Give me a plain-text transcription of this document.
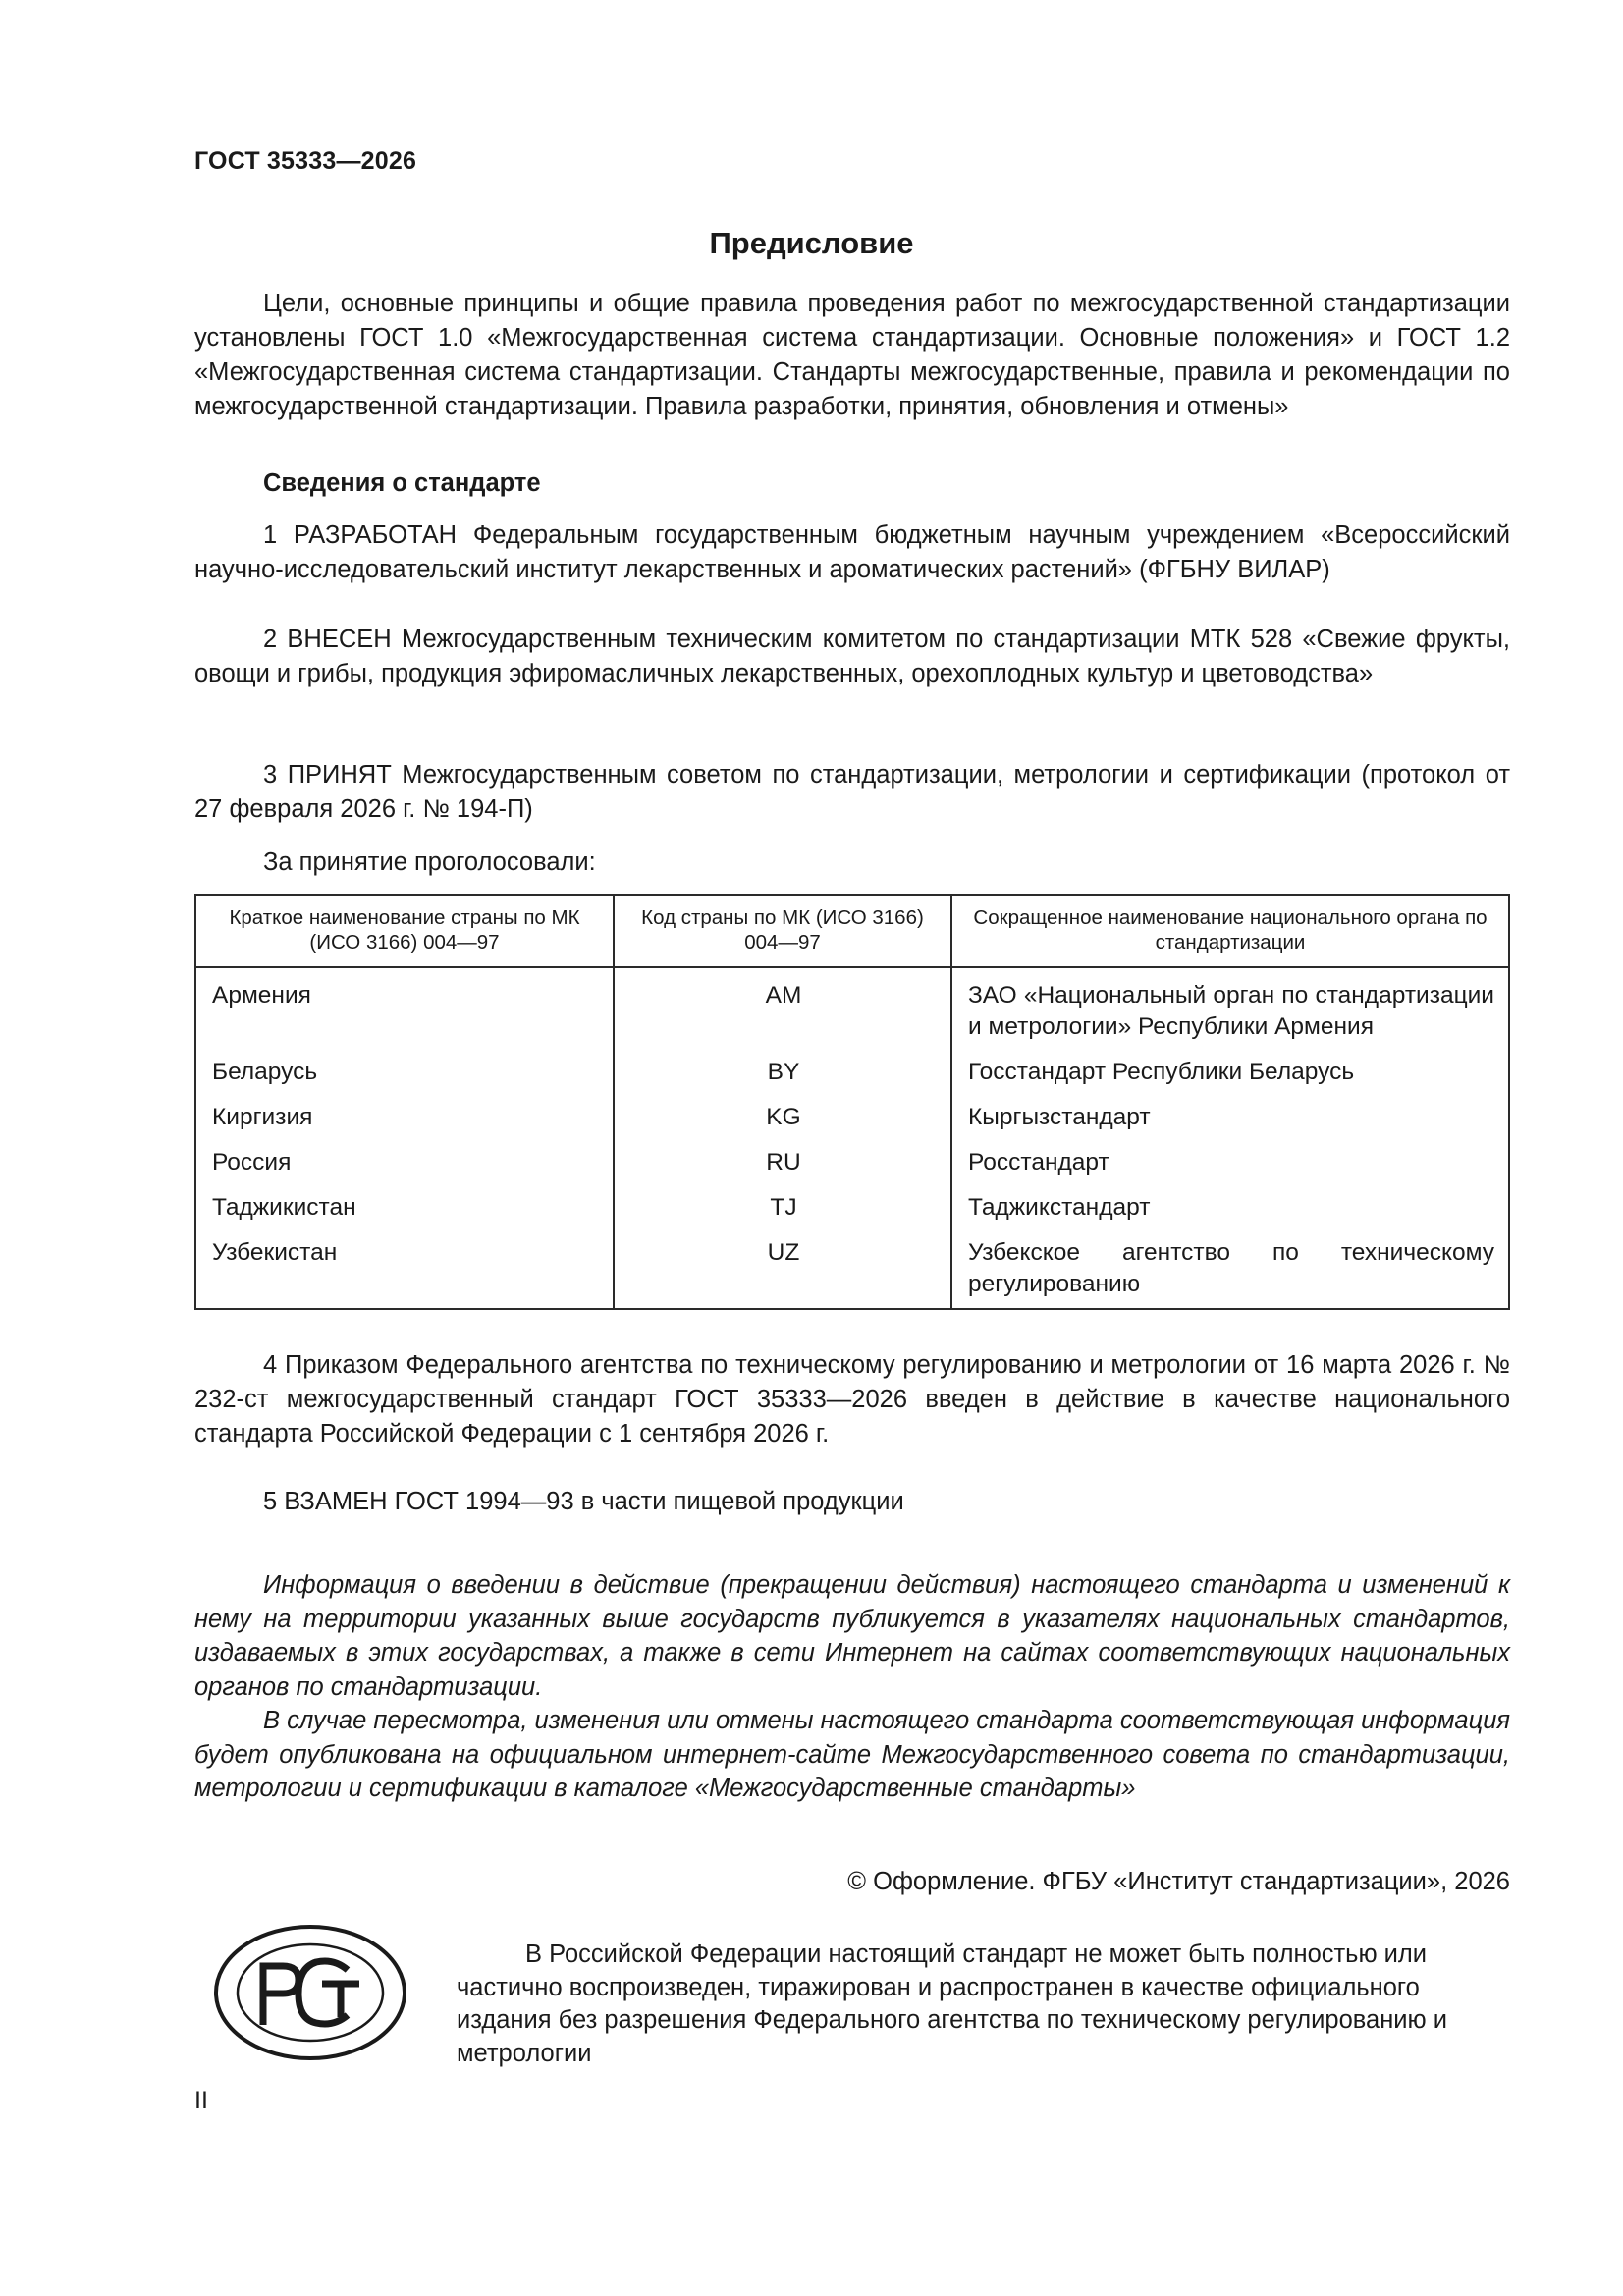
ГОСТ 35333—2026
Предисловие

Цели, основные принципы и общие правила проведения работ по межгосударственной стандартизации установлены ГОСТ 1.0 «Межгосударственная система стандартизации. Основные положения» и ГОСТ 1.2 «Межгосударственная система стандартизации. Стандарты межгосударственные, правила и рекомендации по межгосударственной стандартизации. Правила разработки, принятия, обновления и отмены»

Сведения о стандарте

1 РАЗРАБОТАН Федеральным государственным бюджетным научным учреждением «Всероссийский научно-исследовательский институт лекарственных и ароматических растений» (ФГБНУ ВИЛАР)

2 ВНЕСЕН Межгосударственным техническим комитетом по стандартизации МТК 528 «Свежие фрукты, овощи и грибы, продукция эфиромасличных лекарственных, орехоплодных культур и цветоводства»

3 ПРИНЯТ Межгосударственным советом по стандартизации, метрологии и сертификации (протокол от 27 февраля 2026 г. № 194-П)

За принятие проголосовали:

Краткое наименование страны по МК (ИСО 3166) 004—97	Код страны по МК (ИСО 3166) 004—97	Сокращенное наименование национального органа по стандартизации
Армения	AM	ЗАО «Национальный орган по стандартизации и метрологии» Республики Армения
Беларусь	BY	Госстандарт Республики Беларусь
Киргизия	KG	Кыргызстандарт
Россия	RU	Росстандарт
Таджикистан	TJ	Таджикстандарт
Узбекистан	UZ	Узбекское агентство по техническому регулированию

4 Приказом Федерального агентства по техническому регулированию и метрологии от 16 марта 2026 г. № 232-ст межгосударственный стандарт ГОСТ 35333—2026 введен в действие в качестве национального стандарта Российской Федерации с 1 сентября 2026 г.

5 ВЗАМЕН ГОСТ 1994—93 в части пищевой продукции

Информация о введении в действие (прекращении действия) настоящего стандарта и изменений к нему на территории указанных выше государств публикуется в указателях национальных стандартов, издаваемых в этих государствах, а также в сети Интернет на сайтах соответствующих национальных органов по стандартизации.

В случае пересмотра, изменения или отмены настоящего стандарта соответствующая информация будет опубликована на официальном интернет-сайте Межгосударственного совета по стандартизации, метрологии и сертификации в каталоге «Межгосударственные стандарты»

© Оформление. ФГБУ «Институт стандартизации», 2026

В Российской Федерации настоящий стандарт не может быть полностью или частично воспроизведен, тиражирован и распространен в качестве официального издания без разрешения Федерального агентства по техническому регулированию и метрологии

II
